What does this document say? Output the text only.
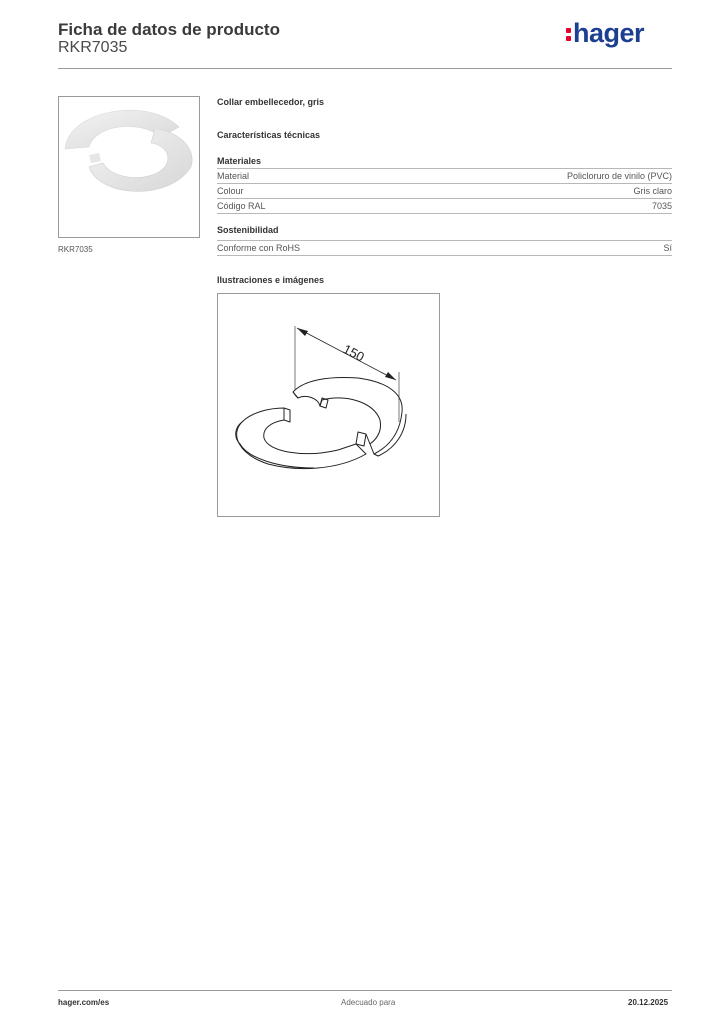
Ficha de datos de producto
RKR7035	hager
RKR7035
Collar embellecedor, gris
Características técnicas
Materiales
Material	Policloruro de vinilo (PVC)
Colour	Gris claro
Código RAL	7035
Sostenibilidad
Conforme con RoHS	Sí
Ilustraciones e imágenes
150
hager.com/es	Adecuado para	20.12.2025
